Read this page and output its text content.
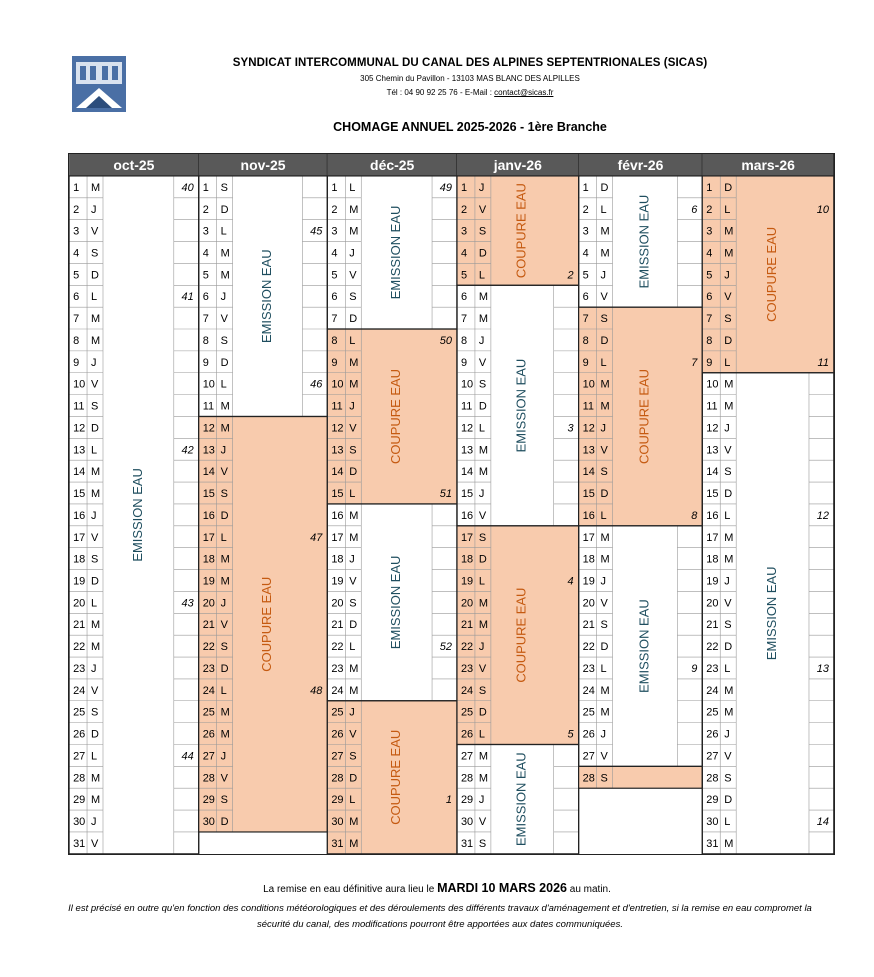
SYNDICAT INTERCOMMUNAL DU CANAL DES ALPINES SEPTENTRIONALES (SICAS)
305 Chemin du Pavillon - 13103 MAS BLANC DES ALPILLES
Tél : 04 90 92 25 76 - E-Mail : contact@sicas.fr
CHOMAGE ANNUEL 2025-2026 - 1ère Branche
oct-25
EMISSION EAU
1 M	40
2 J
3 V
4 S
5 D
6 L	41
7 M
8 M
9 J
10 V
11 S
12 D
13 L	42
14 M
15 M
16 J
17 V
18 S
19 D
20 L	43
21 M
22 M
23 J
24 V
25 S
26 D
27 L	44
28 M
29 M
30 J
31 V
nov-25
EMISSION EAU
COUPURE EAU
1 S
2 D
3 L	45
4 M
5 M
6 J
7 V
8 S
9 D
10 L	46
11 M
12 M
13 J
14 V
15 S
16 D
17 L	47
18 M
19 M
20 J
21 V
22 S
23 D
24 L	48
25 M
26 M
27 J
28 V
29 S
30 D
déc-25
EMISSION EAU
COUPURE EAU
EMISSION EAU
COUPURE EAU
1 L	49
2 M
3 M
4 J
5 V
6 S
7 D
8 L	50
9 M
10 M
11 J
12 V
13 S
14 D
15 L	51
16 M
17 M
18 J
19 V
20 S
21 D
22 L	52
23 M
24 M
25 J
26 V
27 S
28 D
29 L	1
30 M
31 M
janv-26
COUPURE EAU
EMISSION EAU
COUPURE EAU
EMISSION EAU
1 J
2 V
3 S
4 D
5 L	2
6 M
7 M
8 J
9 V
10 S
11 D
12 L	3
13 M
14 M
15 J
16 V
17 S
18 D
19 L	4
20 M
21 M
22 J
23 V
24 S
25 D
26 L	5
27 M
28 M
29 J
30 V
31 S
févr-26
EMISSION EAU
COUPURE EAU
EMISSION EAU
1 D
2 L	6
3 M
4 M
5 J
6 V
7 S
8 D
9 L	7
10 M
11 M
12 J
13 V
14 S
15 D
16 L	8
17 M
18 M
19 J
20 V
21 S
22 D
23 L	9
24 M
25 M
26 J
27 V
28 S
mars-26
COUPURE EAU
EMISSION EAU
1 D
2 L	10
3 M
4 M
5 J
6 V
7 S
8 D
9 L	11
10 M
11 M
12 J
13 V
14 S
15 D
16 L	12
17 M
18 M
19 J
20 V
21 S
22 D
23 L	13
24 M
25 M
26 J
27 V
28 S
29 D
30 L	14
31 M
La remise en eau définitive aura lieu le MARDI 10 MARS 2026 au matin.
Il est précisé en outre qu'en fonction des conditions météorologiques et des déroulements des différents travaux d'aménagement et d'entretien, si la remise en eau compromet la sécurité du canal, des modifications pourront être apportées aux dates communiquées.
